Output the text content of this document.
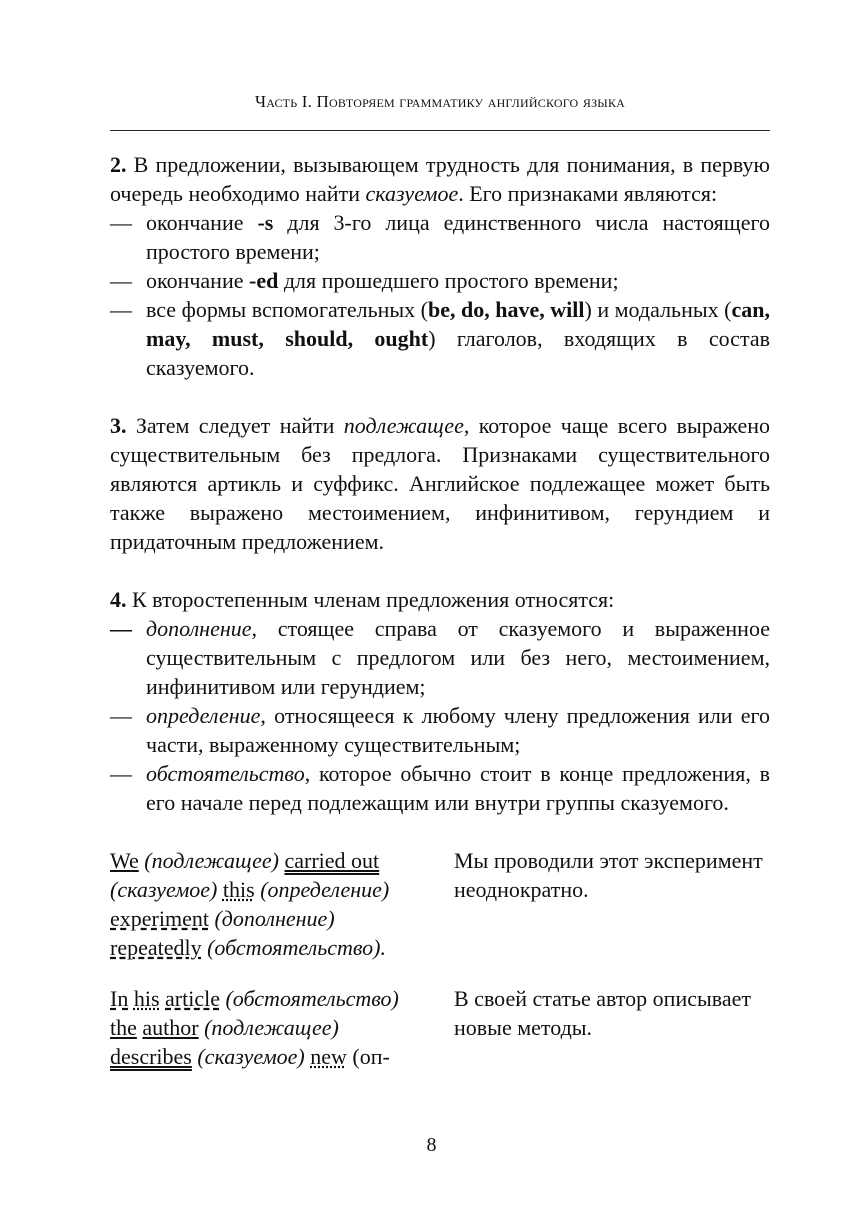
Часть I. Повторяем грамматику английского языка

2. В предложении, вызывающем трудность для понимания, в первую очередь необходимо найти сказуемое. Его признаками являются:

— окончание -s для 3-го лица единственного числа настоящего простого времени;
— окончание -ed для прошедшего простого времени;
— все формы вспомогательных (be, do, have, will) и модальных (can, may, must, should, ought) глаголов, входящих в состав сказуемого.

3. Затем следует найти подлежащее, которое чаще всего выражено существительным без предлога. Признаками существительного являются артикль и суффикс. Английское подлежащее может быть также выражено местоимением, инфинитивом, герундием и придаточным предложением.

4. К второстепенным членам предложения относятся:

— дополнение, стоящее справа от сказуемого и выраженное существительным с предлогом или без него, местоимением, инфинитивом или герундием;
— определение, относящееся к любому члену предложения или его части, выраженному существительным;
— обстоятельство, которое обычно стоит в конце предложения, в его начале перед подлежащим или внутри группы сказуемого.

We (подлежащее) carried out
(сказуемое) this (определение)
experiment (дополнение)
repeatedly (обстоятельство).

Мы проводили этот эксперимент неоднократно.

In his article (обстоятельство)
the author (подлежащее)
describes (сказуемое) new (оп-

В своей статье автор описывает новые методы.

8
